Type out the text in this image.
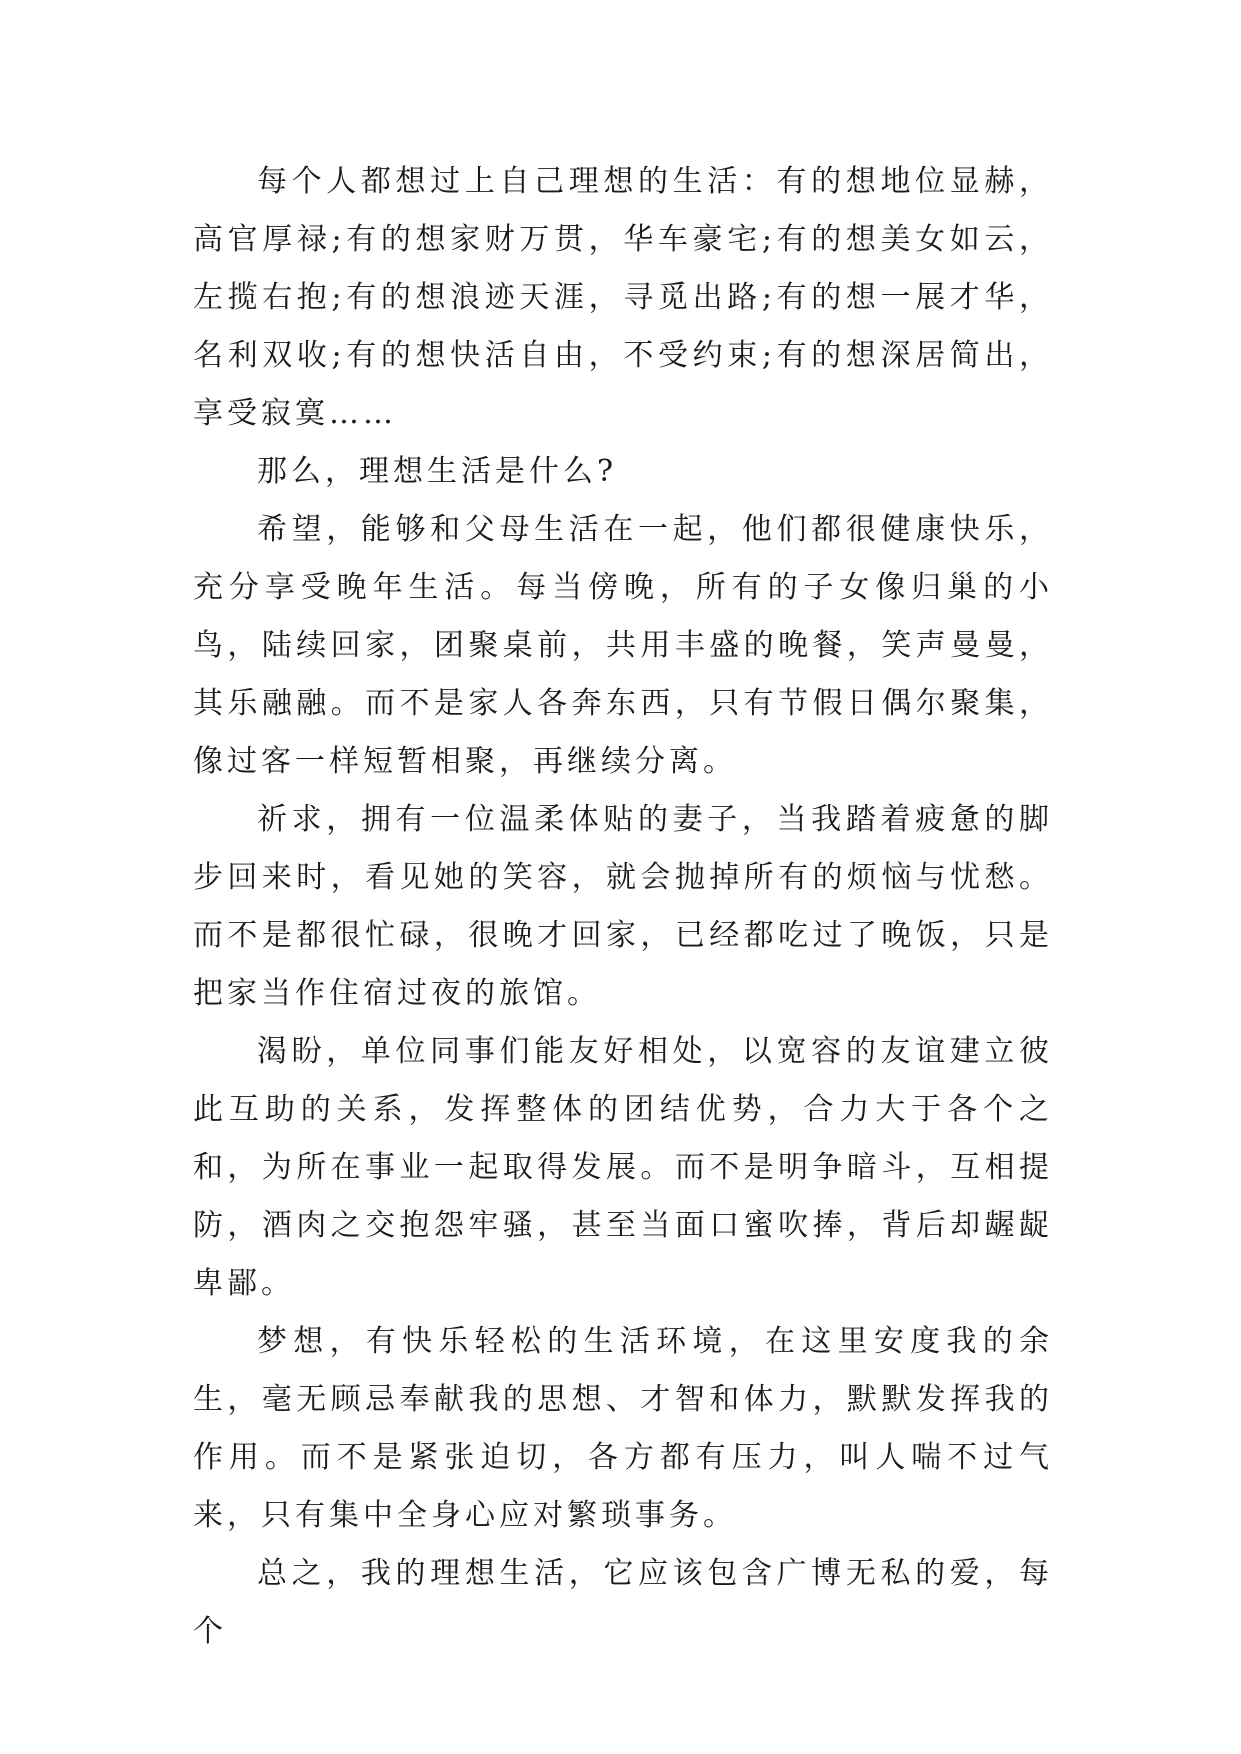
每个人都想过上自己理想的生活：有的想地位显赫，高官厚禄;有的想家财万贯，华车豪宅;有的想美女如云，左揽右抱;有的想浪迹天涯，寻觅出路;有的想一展才华，名利双收;有的想快活自由，不受约束;有的想深居简出，享受寂寞……

那么，理想生活是什么?

希望，能够和父母生活在一起，他们都很健康快乐，充分享受晚年生活。每当傍晚，所有的子女像归巢的小鸟，陆续回家，团聚桌前，共用丰盛的晚餐，笑声曼曼，其乐融融。而不是家人各奔东西，只有节假日偶尔聚集，像过客一样短暂相聚，再继续分离。

祈求，拥有一位温柔体贴的妻子，当我踏着疲惫的脚步回来时，看见她的笑容，就会抛掉所有的烦恼与忧愁。而不是都很忙碌，很晚才回家，已经都吃过了晚饭，只是把家当作住宿过夜的旅馆。

渴盼，单位同事们能友好相处，以宽容的友谊建立彼此互助的关系，发挥整体的团结优势，合力大于各个之和，为所在事业一起取得发展。而不是明争暗斗，互相提防，酒肉之交抱怨牢骚，甚至当面口蜜吹捧，背后却龌龊卑鄙。

梦想，有快乐轻松的生活环境，在这里安度我的余生，毫无顾忌奉献我的思想、才智和体力，默默发挥我的作用。而不是紧张迫切，各方都有压力，叫人喘不过气来，只有集中全身心应对繁琐事务。

总之，我的理想生活，它应该包含广博无私的爱，每个
